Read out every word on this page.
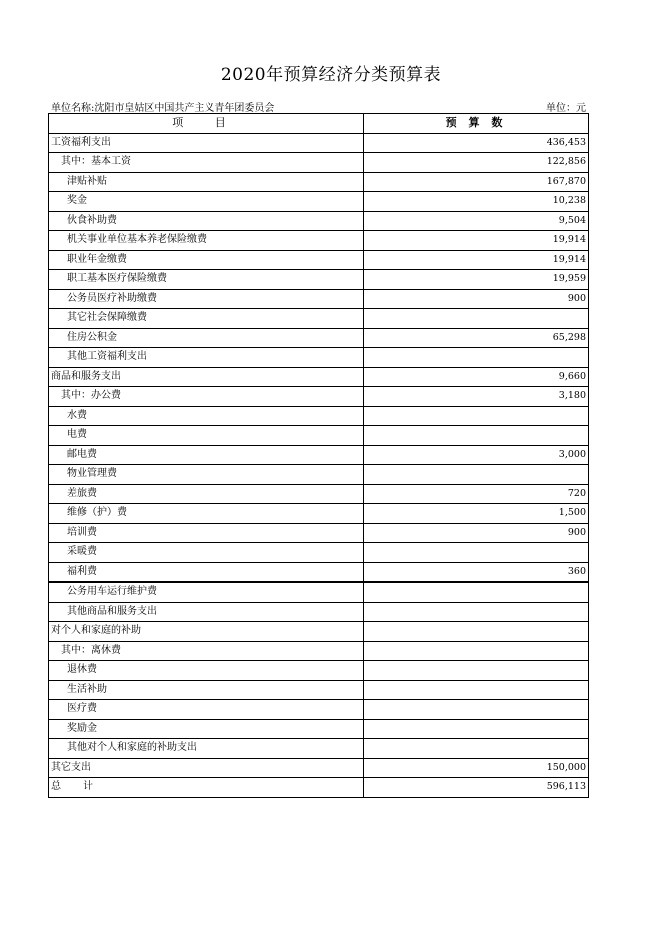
2020年预算经济分类预算表
单位名称:沈阳市皇姑区中国共产主义青年团委员会	单位：元
项 目	预 算 数
工资福利支出	436,453
其中：基本工资	122,856
津贴补贴	167,870
奖金	10,238
伙食补助费	9,504
机关事业单位基本养老保险缴费	19,914
职业年金缴费	19,914
职工基本医疗保险缴费	19,959
公务员医疗补助缴费	900
其它社会保障缴费	
住房公积金	65,298
其他工资福利支出	
商品和服务支出	9,660
其中：办公费	3,180
水费	
电费	
邮电费	3,000
物业管理费	
差旅费	720
维修（护）费	1,500
培训费	900
采暖费	
福利费	360
公务用车运行维护费	
其他商品和服务支出	
对个人和家庭的补助	
其中：离休费	
退休费	
生活补助	
医疗费	
奖励金	
其他对个人和家庭的补助支出	
其它支出	150,000
总计	596,113
